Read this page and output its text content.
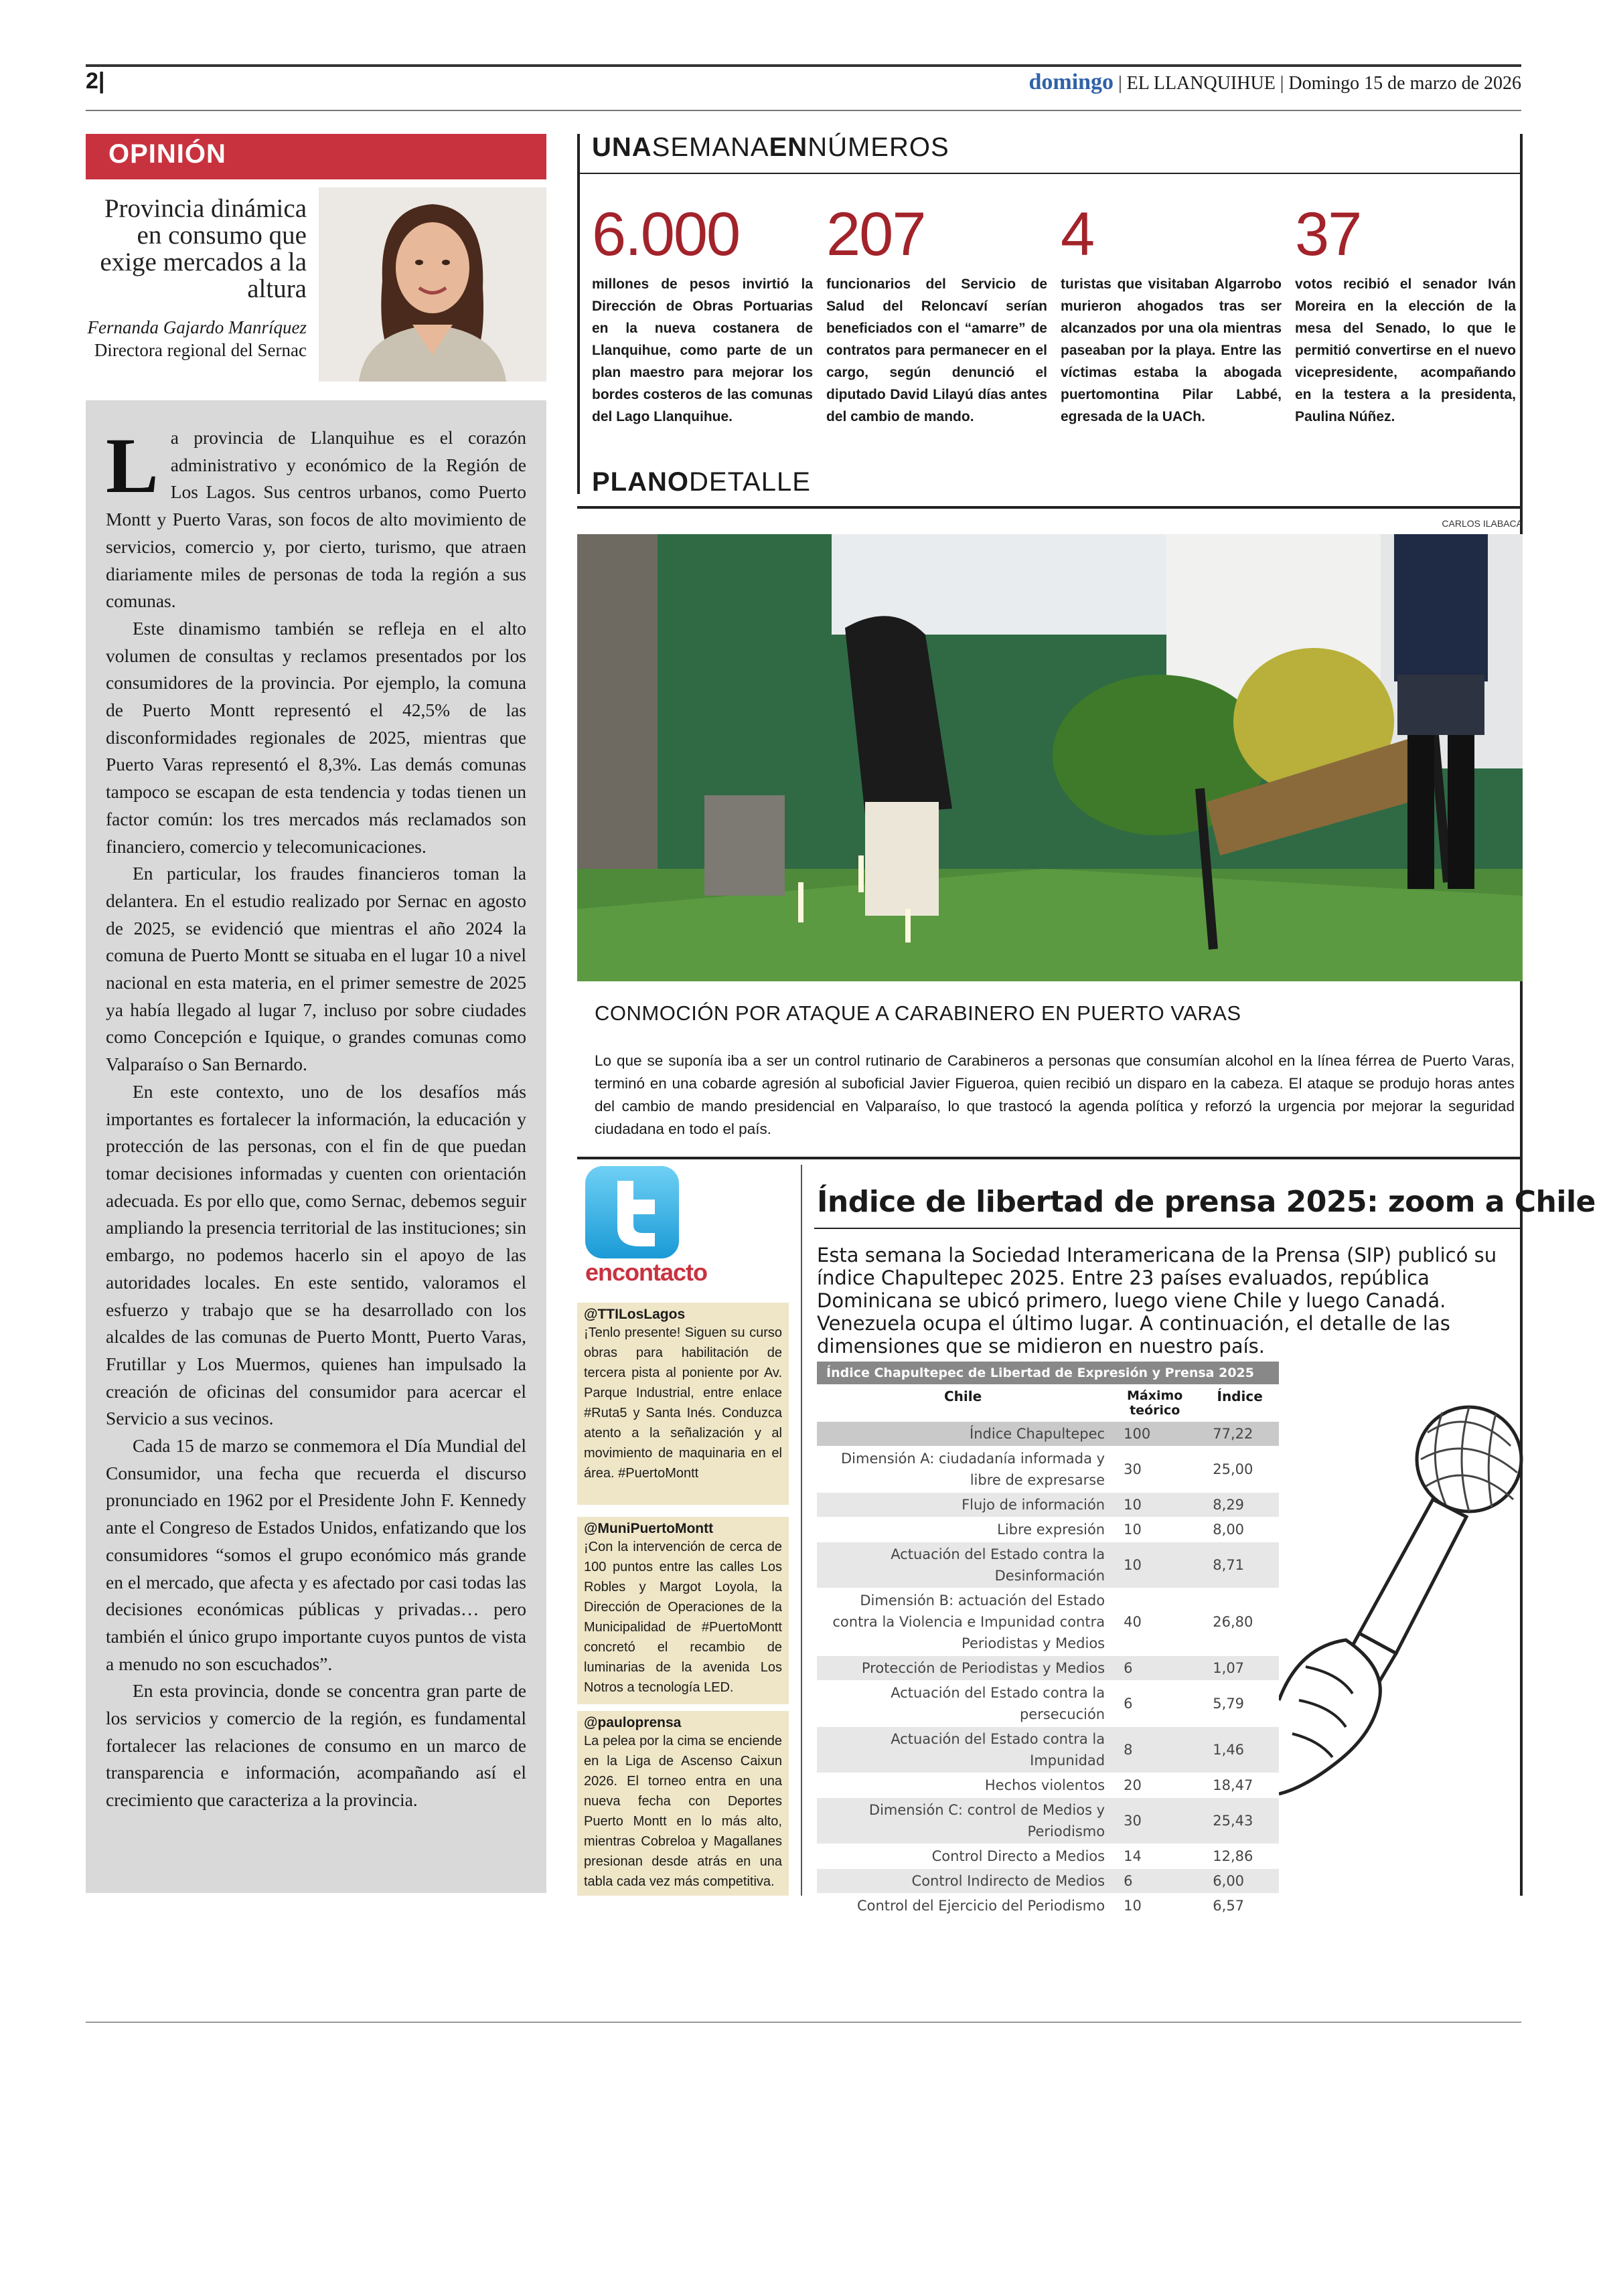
2|	domingo | EL LLANQUIHUE | Domingo 15 de marzo de 2026
OPINIÓN
Provincia dinámica en consumo que exige mercados a la altura
Fernanda Gajardo Manríquez
Directora regional del Sernac

La provincia de Llanquihue es el corazón administrativo y económico de la Región de Los Lagos. Sus centros urbanos, como Puerto Montt y Puerto Varas, son focos de alto movimiento de servicios, comercio y, por cierto, turismo, que atraen diariamente miles de personas de toda la región a sus comunas.

Este dinamismo también se refleja en el alto volumen de consultas y reclamos presentados por los consumidores de la provincia. Por ejemplo, la comuna de Puerto Montt representó el 42,5% de las disconformidades regionales de 2025, mientras que Puerto Varas representó el 8,3%. Las demás comunas tampoco se escapan de esta tendencia y todas tienen un factor común: los tres mercados más reclamados son financiero, comercio y telecomunicaciones.

En particular, los fraudes financieros toman la delantera. En el estudio realizado por Sernac en agosto de 2025, se evidenció que mientras el año 2024 la comuna de Puerto Montt se situaba en el lugar 10 a nivel nacional en esta materia, en el primer semestre de 2025 ya había llegado al lugar 7, incluso por sobre ciudades como Concepción e Iquique, o grandes comunas como Valparaíso o San Bernardo.

En este contexto, uno de los desafíos más importantes es fortalecer la información, la educación y protección de las personas, con el fin de que puedan tomar decisiones informadas y cuenten con orientación adecuada. Es por ello que, como Sernac, debemos seguir ampliando la presencia territorial de las instituciones; sin embargo, no podemos hacerlo sin el apoyo de las autoridades locales. En este sentido, valoramos el esfuerzo y trabajo que se ha desarrollado con los alcaldes de las comunas de Puerto Montt, Puerto Varas, Frutillar y Los Muermos, quienes han impulsado la creación de oficinas del consumidor para acercar el Servicio a sus vecinos.

Cada 15 de marzo se conmemora el Día Mundial del Consumidor, una fecha que recuerda el discurso pronunciado en 1962 por el Presidente John F. Kennedy ante el Congreso de Estados Unidos, enfatizando que los consumidores “somos el grupo económico más grande en el mercado, que afecta y es afectado por casi todas las decisiones económicas públicas y privadas… pero también el único grupo importante cuyos puntos de vista a menudo no son escuchados”.

En esta provincia, donde se concentra gran parte de los servicios y comercio de la región, es fundamental fortalecer las relaciones de consumo en un marco de transparencia e información, acompañando así el crecimiento que caracteriza a la provincia.

UNASEMANAENNÚMEROS
6.000
millones de pesos invirtió la Dirección de Obras Portuarias en la nueva costanera de Llanquihue, como parte de un plan maestro para mejorar los bordes costeros de las comunas del Lago Llanquihue.
207
funcionarios del Servicio de Salud del Reloncaví serían beneficiados con el “amarre” de contratos para permanecer en el cargo, según denunció el diputado David Lilayú días antes del cambio de mando.
4
turistas que visitaban Algarrobo murieron ahogados tras ser alcanzados por una ola mientras paseaban por la playa. Entre las víctimas estaba la abogada puertomontina Pilar Labbé, egresada de la UACh.
37
votos recibió el senador Iván Moreira en la elección de la mesa del Senado, lo que le permitió convertirse en el nuevo vicepresidente, acompañando en la testera a la presidenta, Paulina Núñez.
PLANODETALLE
CARLOS ILABACA
CONMOCIÓN POR ATAQUE A CARABINERO EN PUERTO VARAS
Lo que se suponía iba a ser un control rutinario de Carabineros a personas que consumían alcohol en la línea férrea de Puerto Varas, terminó en una cobarde agresión al suboficial Javier Figueroa, quien recibió un disparo en la cabeza. El ataque se produjo horas antes del cambio de mando presidencial en Valparaíso, lo que trastocó la agenda política y reforzó la urgencia por mejorar la seguridad ciudadana en todo el país.
encontacto
@TTILosLagos
¡Tenlo presente! Siguen su curso obras para habilitación de tercera pista al poniente por Av. Parque Industrial, entre enlace #Ruta5 y Santa Inés. Conduzca atento a la señalización y al movimiento de maquinaria en el área. #PuertoMontt
@MuniPuertoMontt
¡Con la intervención de cerca de 100 puntos entre las calles Los Robles y Margot Loyola, la Dirección de Operaciones de la Municipalidad de #PuertoMontt concretó el recambio de luminarias de la avenida Los Notros a tecnología LED.
@pauloprensa
La pelea por la cima se enciende en la Liga de Ascenso Caixun 2026. El torneo entra en una nueva fecha con Deportes Puerto Montt en lo más alto, mientras Cobreloa y Magallanes presionan desde atrás en una tabla cada vez más competitiva.
Índice de libertad de prensa 2025: zoom a Chile
Esta semana la Sociedad Interamericana de la Prensa (SIP) publicó su índice Chapultepec 2025. Entre 23 países evaluados, república Dominicana se ubicó primero, luego viene Chile y luego Canadá. Venezuela ocupa el último lugar. A continuación, el detalle de las dimensiones que se midieron en nuestro país.
Índice Chapultepec de Libertad de Expresión y Prensa 2025
Chile	Máximo teórico	Índice
Índice Chapultepec	100	77,22
Dimensión A: ciudadanía informada y libre de expresarse	30	25,00
Flujo de información	10	8,29
Libre expresión	10	8,00
Actuación del Estado contra la Desinformación	10	8,71
Dimensión B: actuación del Estado contra la Violencia e Impunidad contra Periodistas y Medios	40	26,80
Protección de Periodistas y Medios	6	1,07
Actuación del Estado contra la persecución	6	5,79
Actuación del Estado contra la Impunidad	8	1,46
Hechos violentos	20	18,47
Dimensión C: control de Medios y Periodismo	30	25,43
Control Directo a Medios	14	12,86
Control Indirecto de Medios	6	6,00
Control del Ejercicio del Periodismo	10	6,57
